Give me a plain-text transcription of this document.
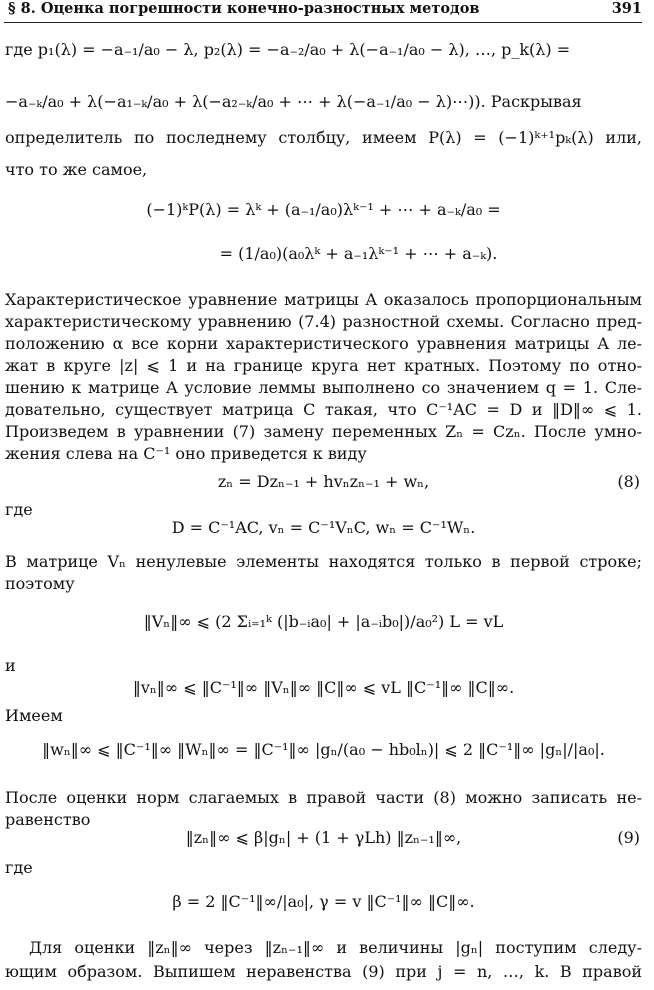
§ 8. Оценка погрешности конечно-разностных методов	391
где p₁(λ) = −a₋₁/a₀ − λ, p₂(λ) = −a₋₂/a₀ + λ(−a₋₁/a₀ − λ), …, p_k(λ) =
−a₋ₖ/a₀ + λ(−a₁₋ₖ/a₀ + λ(−a₂₋ₖ/a₀ + ⋯ + λ(−a₋₁/a₀ − λ)⋯)). Раскрывая
определитель по последнему столбцу, имеем P(λ) = (−1)ᵏ⁺¹pₖ(λ) или,
что то же самое,
(−1)ᵏP(λ) = λᵏ + (a₋₁/a₀)λᵏ⁻¹ + ⋯ + a₋ₖ/a₀ =
= (1/a₀)(a₀λᵏ + a₋₁λᵏ⁻¹ + ⋯ + a₋ₖ).
Характеристическое уравнение матрицы A оказалось пропорциональным
характеристическому уравнению (7.4) разностной схемы. Согласно пред-
положению α все корни характеристического уравнения матрицы A ле-
жат в круге |z| ⩽ 1 и на границе круга нет кратных. Поэтому по отно-
шению к матрице A условие леммы выполнено со значением q = 1. Сле-
довательно, существует матрица C такая, что C⁻¹AC = D и ‖D‖∞ ⩽ 1.
Произведем в уравнении (7) замену переменных Zₙ = Czₙ. После умно-
жения слева на C⁻¹ оно приведется к виду
zₙ = Dzₙ₋₁ + hvₙzₙ₋₁ + wₙ,	(8)
где
D = C⁻¹AC, vₙ = C⁻¹VₙC, wₙ = C⁻¹Wₙ.
В матрице Vₙ ненулевые элементы находятся только в первой строке;
поэтому
‖Vₙ‖∞ ⩽ (2 Σᵢ₌₁ᵏ (|b₋ᵢa₀| + |a₋ᵢb₀|)/a₀²) L = vL
и
‖vₙ‖∞ ⩽ ‖C⁻¹‖∞ ‖Vₙ‖∞ ‖C‖∞ ⩽ vL ‖C⁻¹‖∞ ‖C‖∞.
Имеем
‖wₙ‖∞ ⩽ ‖C⁻¹‖∞ ‖Wₙ‖∞ = ‖C⁻¹‖∞ |gₙ/(a₀ − hb₀lₙ)| ⩽ 2 ‖C⁻¹‖∞ |gₙ|/|a₀|.
После оценки норм слагаемых в правой части (8) можно записать не-
равенство
‖zₙ‖∞ ⩽ β|gₙ| + (1 + γLh) ‖zₙ₋₁‖∞,	(9)
где
β = 2 ‖C⁻¹‖∞/|a₀|, γ = v ‖C⁻¹‖∞ ‖C‖∞.
Для оценки ‖zₙ‖∞ через ‖zₙ₋₁‖∞ и величины |gₙ| поступим следу-
ющим образом. Выпишем неравенства (9) при j = n, …, k. В правой
